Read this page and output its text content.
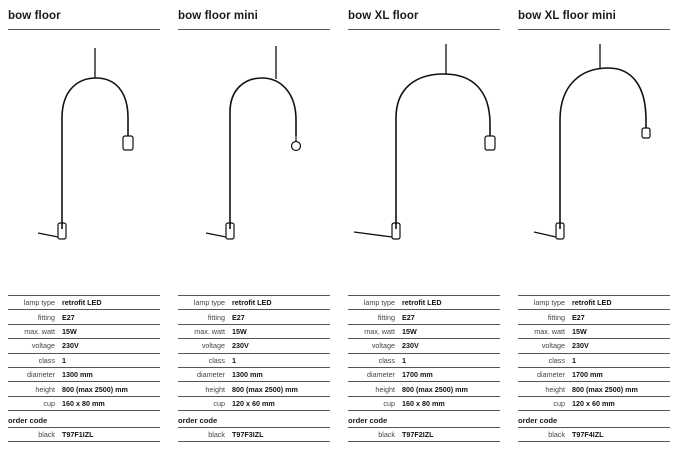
bow floor
lamp type retrofit LED
fitting E27
max. watt 15W
voltage 230V
class 1
diameter 1300 mm
height 800 (max 2500) mm
cup 160 x 80 mm
order code
black T97F1IZL
bow floor mini
lamp type retrofit LED
fitting E27
max. watt 15W
voltage 230V
class 1
diameter 1300 mm
height 800 (max 2500) mm
cup 120 x 60 mm
order code
black T97F3IZL
bow XL floor
lamp type retrofit LED
fitting E27
max. watt 15W
voltage 230V
class 1
diameter 1700 mm
height 800 (max 2500) mm
cup 160 x 80 mm
order code
black T97F2IZL
bow XL floor mini
lamp type retrofit LED
fitting E27
max. watt 15W
voltage 230V
class 1
diameter 1700 mm
height 800 (max 2500) mm
cup 120 x 60 mm
order code
black T97F4IZL
